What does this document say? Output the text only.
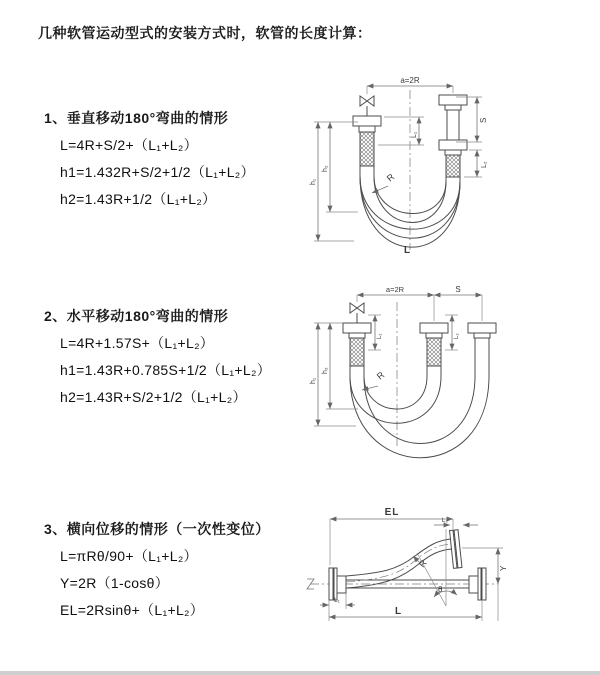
几种软管运动型式的安装方式时，软管的长度计算：
1、垂直移动180°弯曲的情形
L=4R+S/2+（L₁+L₂）
h1=1.432R+S/2+1/2（L₁+L₂）
h2=1.43R+1/2（L₁+L₂）
2、水平移动180°弯曲的情形
L=4R+1.57S+（L₁+L₂）
h1=1.43R+0.785S+1/2（L₁+L₂）
h2=1.43R+S/2+1/2（L₁+L₂）
3、横向位移的情形（一次性变位）
L=πRθ/90+（L₁+L₂）
Y=2R（1-cosθ）
EL=2Rsinθ+（L₁+L₂）
a=2R
h₁
h₂
L₁
S
L₂
R
L
a=2R	S
L₁	L₂
h₁
h₂	R
EL
L₂
Y
R
θ
L₁
L
